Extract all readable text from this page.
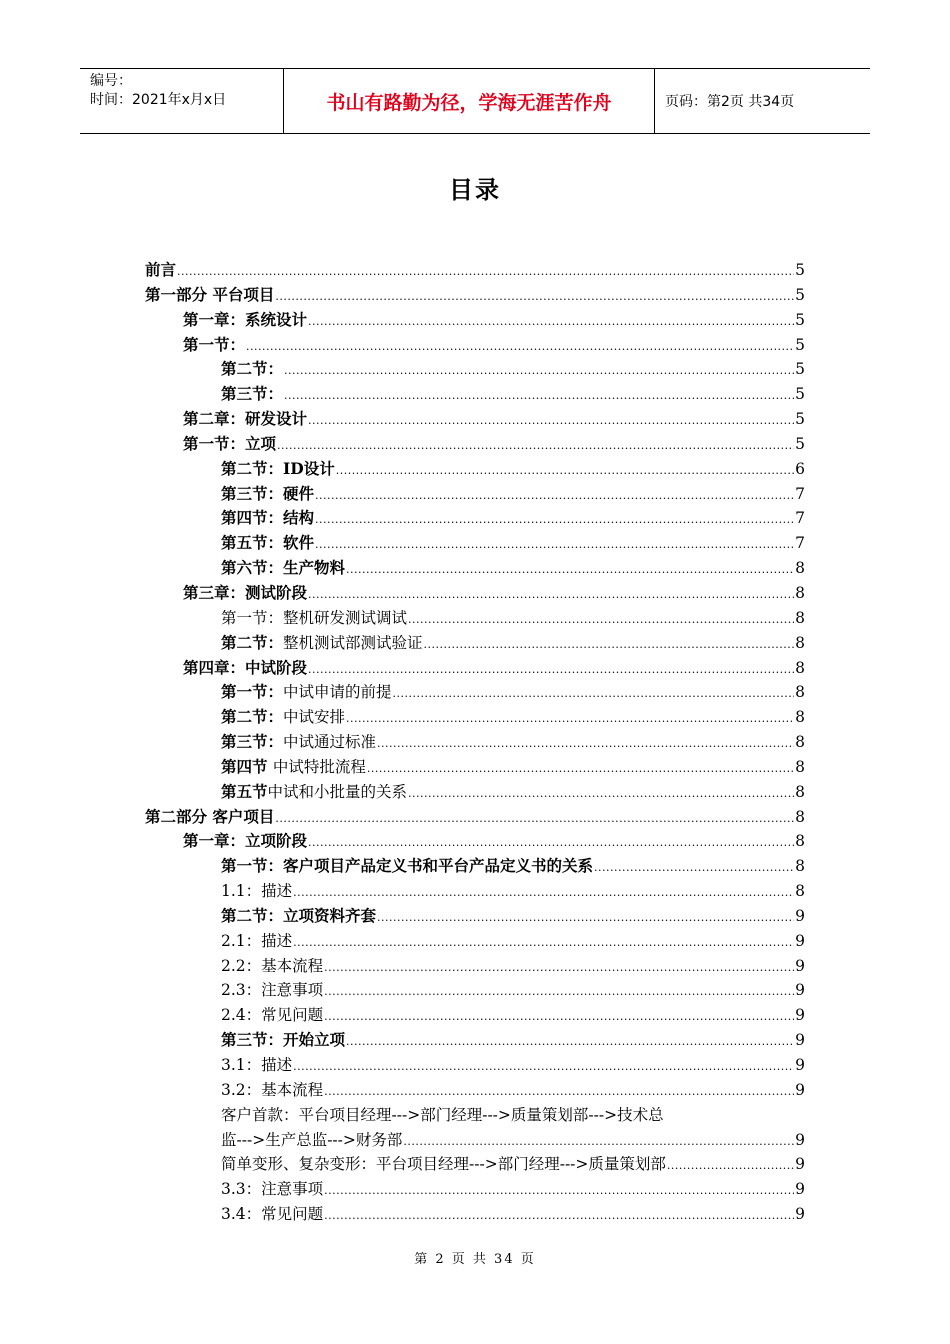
编号：
时间：2021年x月x日	书山有路勤为径，学海无涯苦作舟	页码：第2页 共34页
目录
前言 .....	5
第一部分 平台项目 .....	5
第一章：系统设计 .....	5
第一节： .....	5
第二节： .....	5
第三节： .....	5
第二章：研发设计 .....	5
第一节：立项 .....	5
第二节：ID设计 .....	6
第三节：硬件 .....	7
第四节：结构 .....	7
第五节：软件 .....	7
第六节：生产物料 .....	8
第三章：测试阶段 .....	8
第一节：整机研发测试调试 .....	8
第二节：整机测试部测试验证 .....	8
第四章：中试阶段 .....	8
第一节：中试申请的前提 .....	8
第二节：中试安排 .....	8
第三节：中试通过标准 .....	8
第四节 中试特批流程 .....	8
第五节中试和小批量的关系 .....	8
第二部分 客户项目 .....	8
第一章：立项阶段 .....	8
第一节：客户项目产品定义书和平台产品定义书的关系 .....	8
1.1：描述 .....	8
第二节：立项资料齐套 .....	9
2.1：描述 .....	9
2.2：基本流程 .....	9
2.3：注意事项 .....	9
2.4：常见问题 .....	9
第三节：开始立项 .....	9
3.1：描述 .....	9
3.2：基本流程 .....	9
客户首款：平台项目经理--->部门经理--->质量策划部--->技术总
监--->生产总监--->财务部 .....	9
简单变形、复杂变形：平台项目经理--->部门经理--->质量策划部 .....	9
3.3：注意事项 .....	9
3.4：常见问题 .....	9
第 2 页 共 34 页
